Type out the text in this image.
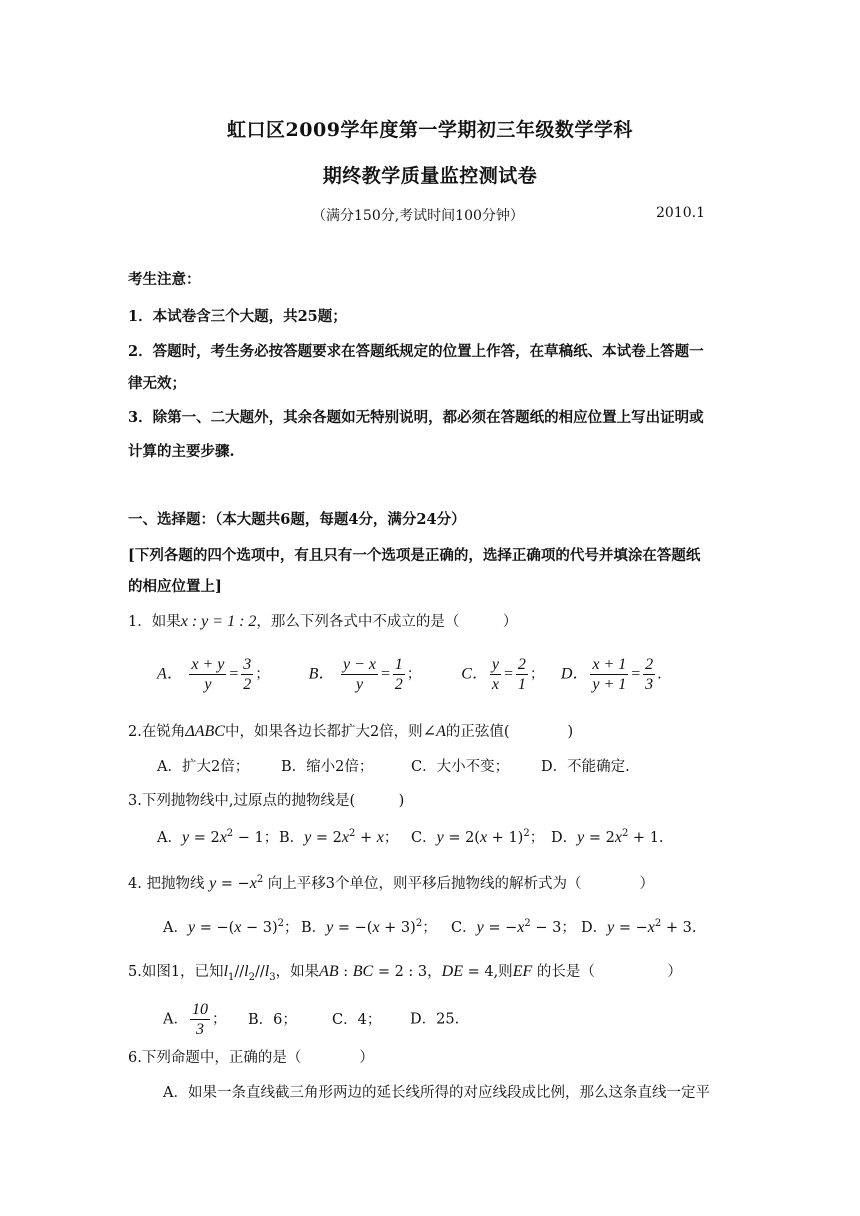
虹口区2009学年度第一学期初三年级数学学科
期终教学质量监控测试卷
（满分150分,考试时间100分钟）	2010.1
考生注意：
1．本试卷含三个大题，共25题；
2．答题时，考生务必按答题要求在答题纸规定的位置上作答，在草稿纸、本试卷上答题一
律无效；
3．除第一、二大题外，其余各题如无特别说明，都必须在答题纸的相应位置上写出证明或
计算的主要步骤.
一、选择题：（本大题共6题，每题4分，满分24分）
[下列各题的四个选项中，有且只有一个选项是正确的，选择正确项的代号并填涂在答题纸
的相应位置上]
1．如果x : y = 1 : 2，那么下列各式中不成立的是（　　　）
A． $\frac{x + y}{y} = \frac{3}{2}$ ； B． $\frac{y - x}{y} = \frac{1}{2}$ ； C． $\frac{y}{x} = \frac{2}{1}$ ； D． $\frac{x + 1}{y + 1} = \frac{2}{3}$ .
2.在锐角ΔABC中，如果各边长都扩大2倍，则∠A的正弦值(　　　　)
A．扩大2倍； B．缩小2倍；	C．大小不变； D．不能确定.
3.下列抛物线中,过原点的抛物线是(　　　)
A．$y = 2x^2 - 1$；B．$y = 2x^2 + x$； C．$y = 2(x + 1)^2$； D．$y = 2x^2 + 1$.
4. 把抛物线 $y = -x^2$ 向上平移3个单位，则平移后抛物线的解析式为（　　　　）
A．$y = -(x - 3)^2$； B．$y = -(x + 3)^2$； C．$y = -x^2 - 3$； D．$y = -x^2 + 3$.
5.如图1，已知$l_1//l_2//l_3$，如果AB : BC = 2 : 3，DE = 4,则EF 的长是（　　　　　）
A． $\frac{10}{3}$ ； B．6； C．4； D．25.
6.下列命题中，正确的是（　　　　）
A．如果一条直线截三角形两边的延长线所得的对应线段成比例，那么这条直线一定平
